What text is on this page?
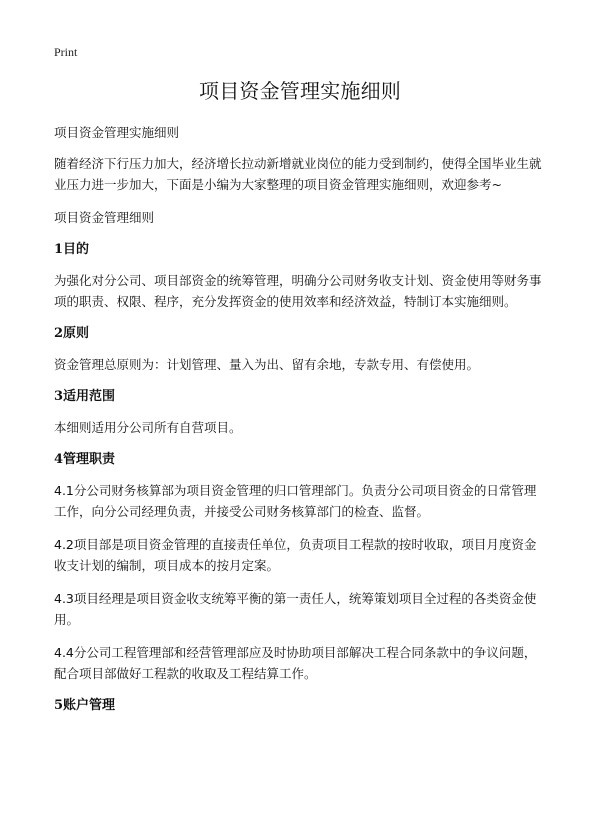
Print

项目资金管理实施细则

项目资金管理实施细则

随着经济下行压力加大，经济增长拉动新增就业岗位的能力受到制约，使得全国毕业生就业压力进一步加大，下面是小编为大家整理的项目资金管理实施细则，欢迎参考~

项目资金管理细则

1目的

为强化对分公司、项目部资金的统筹管理，明确分公司财务收支计划、资金使用等财务事项的职责、权限、程序，充分发挥资金的使用效率和经济效益，特制订本实施细则。

2原则

资金管理总原则为：计划管理、量入为出、留有余地，专款专用、有偿使用。

3适用范围

本细则适用分公司所有自营项目。

4管理职责

4.1分公司财务核算部为项目资金管理的归口管理部门。负责分公司项目资金的日常管理工作，向分公司经理负责，并接受公司财务核算部门的检查、监督。

4.2项目部是项目资金管理的直接责任单位，负责项目工程款的按时收取，项目月度资金收支计划的编制，项目成本的按月定案。

4.3项目经理是项目资金收支统筹平衡的第一责任人，统筹策划项目全过程的各类资金使用。

4.4分公司工程管理部和经营管理部应及时协助项目部解决工程合同条款中的争议问题，配合项目部做好工程款的收取及工程结算工作。

5账户管理
